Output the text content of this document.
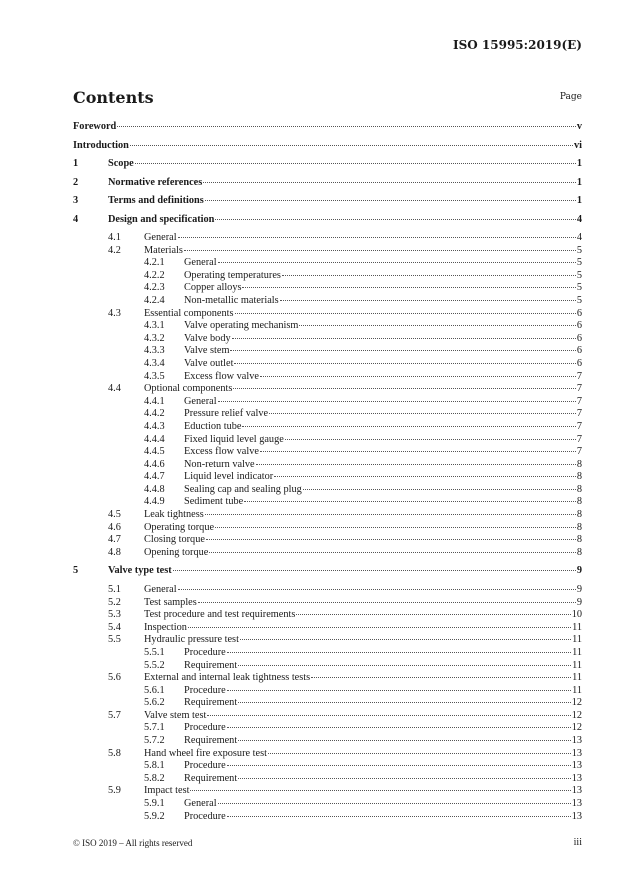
ISO 15995:2019(E)
Contents	Page
Foreword	v
Introduction	vi
1	Scope	1
2	Normative references	1
3	Terms and definitions	1
4	Design and specification	4
4.1	General	4
4.2	Materials	5
4.2.1	General	5
4.2.2	Operating temperatures	5
4.2.3	Copper alloys	5
4.2.4	Non-metallic materials	5
4.3	Essential components	6
4.3.1	Valve operating mechanism	6
4.3.2	Valve body	6
4.3.3	Valve stem	6
4.3.4	Valve outlet	6
4.3.5	Excess flow valve	7
4.4	Optional components	7
4.4.1	General	7
4.4.2	Pressure relief valve	7
4.4.3	Eduction tube	7
4.4.4	Fixed liquid level gauge	7
4.4.5	Excess flow valve	7
4.4.6	Non-return valve	8
4.4.7	Liquid level indicator	8
4.4.8	Sealing cap and sealing plug	8
4.4.9	Sediment tube	8
4.5	Leak tightness	8
4.6	Operating torque	8
4.7	Closing torque	8
4.8	Opening torque	8
5	Valve type test	9
5.1	General	9
5.2	Test samples	9
5.3	Test procedure and test requirements	10
5.4	Inspection	11
5.5	Hydraulic pressure test	11
5.5.1	Procedure	11
5.5.2	Requirement	11
5.6	External and internal leak tightness tests	11
5.6.1	Procedure	11
5.6.2	Requirement	12
5.7	Valve stem test	12
5.7.1	Procedure	12
5.7.2	Requirement	13
5.8	Hand wheel fire exposure test	13
5.8.1	Procedure	13
5.8.2	Requirement	13
5.9	Impact test	13
5.9.1	General	13
5.9.2	Procedure	13
© ISO 2019 – All rights reserved	iii
